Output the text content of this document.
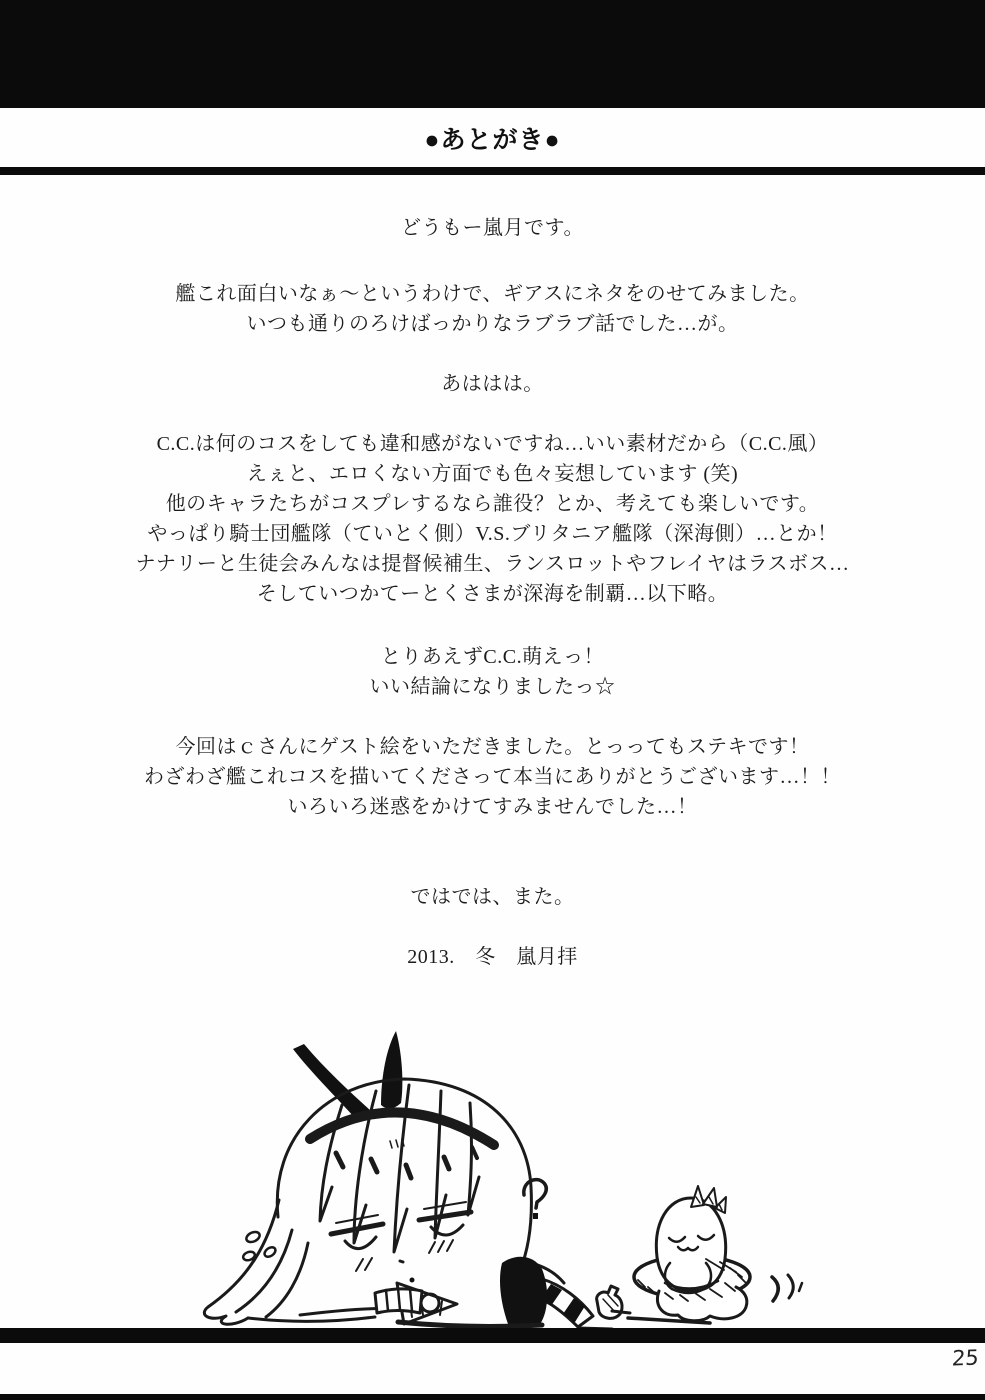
●あとがき●
どうもー嵐月です。
艦これ面白いなぁ～というわけで、ギアスにネタをのせてみました。
いつも通りのろけばっかりなラブラブ話でした…が。
あははは。
C.C.は何のコスをしても違和感がないですね…いい素材だから（C.C.風）
えぇと、エロくない方面でも色々妄想しています (笑)
他のキャラたちがコスプレするなら誰役？とか、考えても楽しいです。
やっぱり騎士団艦隊（ていとく側）V.S.ブリタニア艦隊（深海側）…とか！
ナナリーと生徒会みんなは提督候補生、ランスロットやフレイヤはラスボス…
そしていつかてーとくさまが深海を制覇…以下略。
とりあえずC.C.萌えっ！
いい結論になりましたっ☆
今回はｃさんにゲスト絵をいただきました。とっってもステキです！
わざわざ艦これコスを描いてくださって本当にありがとうございます…！！
いろいろ迷惑をかけてすみませんでした…！
ではでは、また。
2013.　冬　嵐月拝
25
